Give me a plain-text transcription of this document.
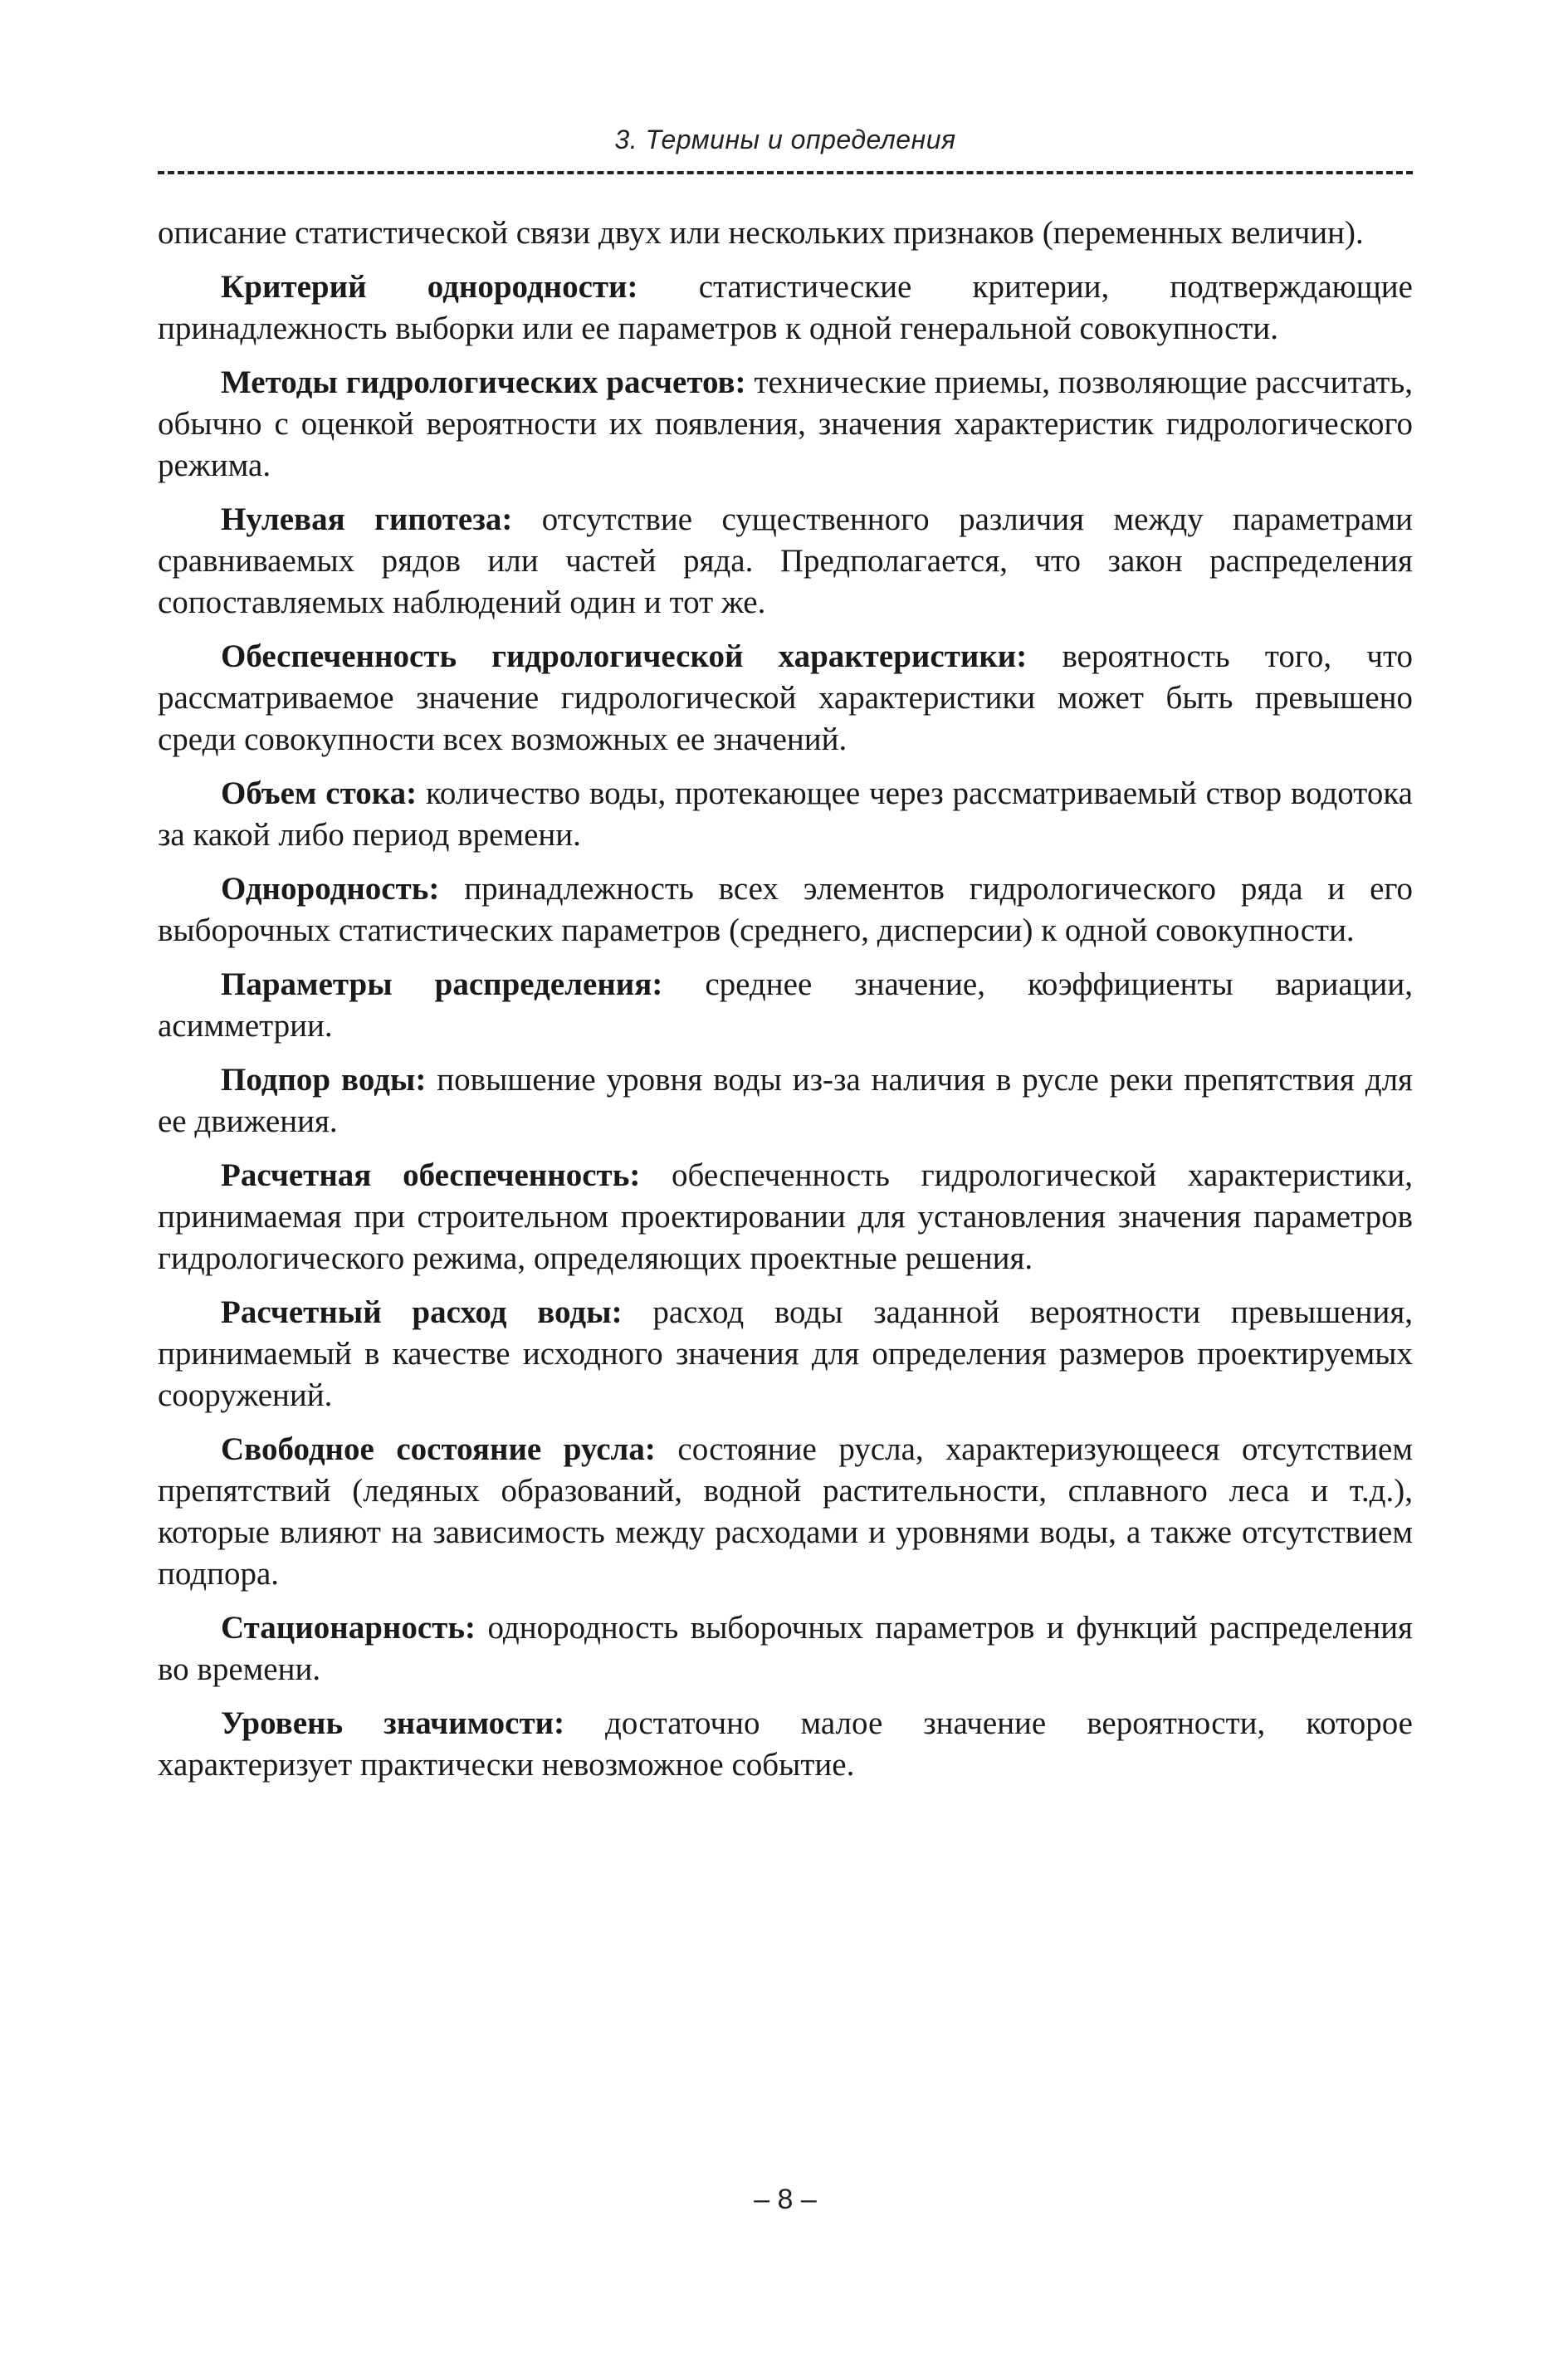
3. Термины и определения

описание статистической связи двух или нескольких признаков (переменных величин).

Критерий однородности: статистические критерии, подтверждающие принадлежность выборки или ее параметров к одной генеральной совокупности.

Методы гидрологических расчетов: технические приемы, позволяющие рассчитать, обычно с оценкой вероятности их появления, значения характеристик гидрологического режима.

Нулевая гипотеза: отсутствие существенного различия между параметрами сравниваемых рядов или частей ряда. Предполагается, что закон распределения сопоставляемых наблюдений один и тот же.

Обеспеченность гидрологической характеристики: вероятность того, что рассматриваемое значение гидрологической характеристики может быть превышено среди совокупности всех возможных ее значений.

Объем стока: количество воды, протекающее через рассматриваемый створ водотока за какой либо период времени.

Однородность: принадлежность всех элементов гидрологического ряда и его выборочных статистических параметров (среднего, дисперсии) к одной совокупности.

Параметры распределения: среднее значение, коэффициенты вариации, асимметрии.

Подпор воды: повышение уровня воды из-за наличия в русле реки препятствия для ее движения.

Расчетная обеспеченность: обеспеченность гидрологической характеристики, принимаемая при строительном проектировании для установления значения параметров гидрологического режима, определяющих проектные решения.

Расчетный расход воды: расход воды заданной вероятности превышения, принимаемый в качестве исходного значения для определения размеров проектируемых сооружений.

Свободное состояние русла: состояние русла, характеризующееся отсутствием препятствий (ледяных образований, водной растительности, сплавного леса и т.д.), которые влияют на зависимость между расходами и уровнями воды, а также отсутствием подпора.

Стационарность: однородность выборочных параметров и функций распределения во времени.

Уровень значимости: достаточно малое значение вероятности, которое характеризует практически невозможное событие.

– 8 –
